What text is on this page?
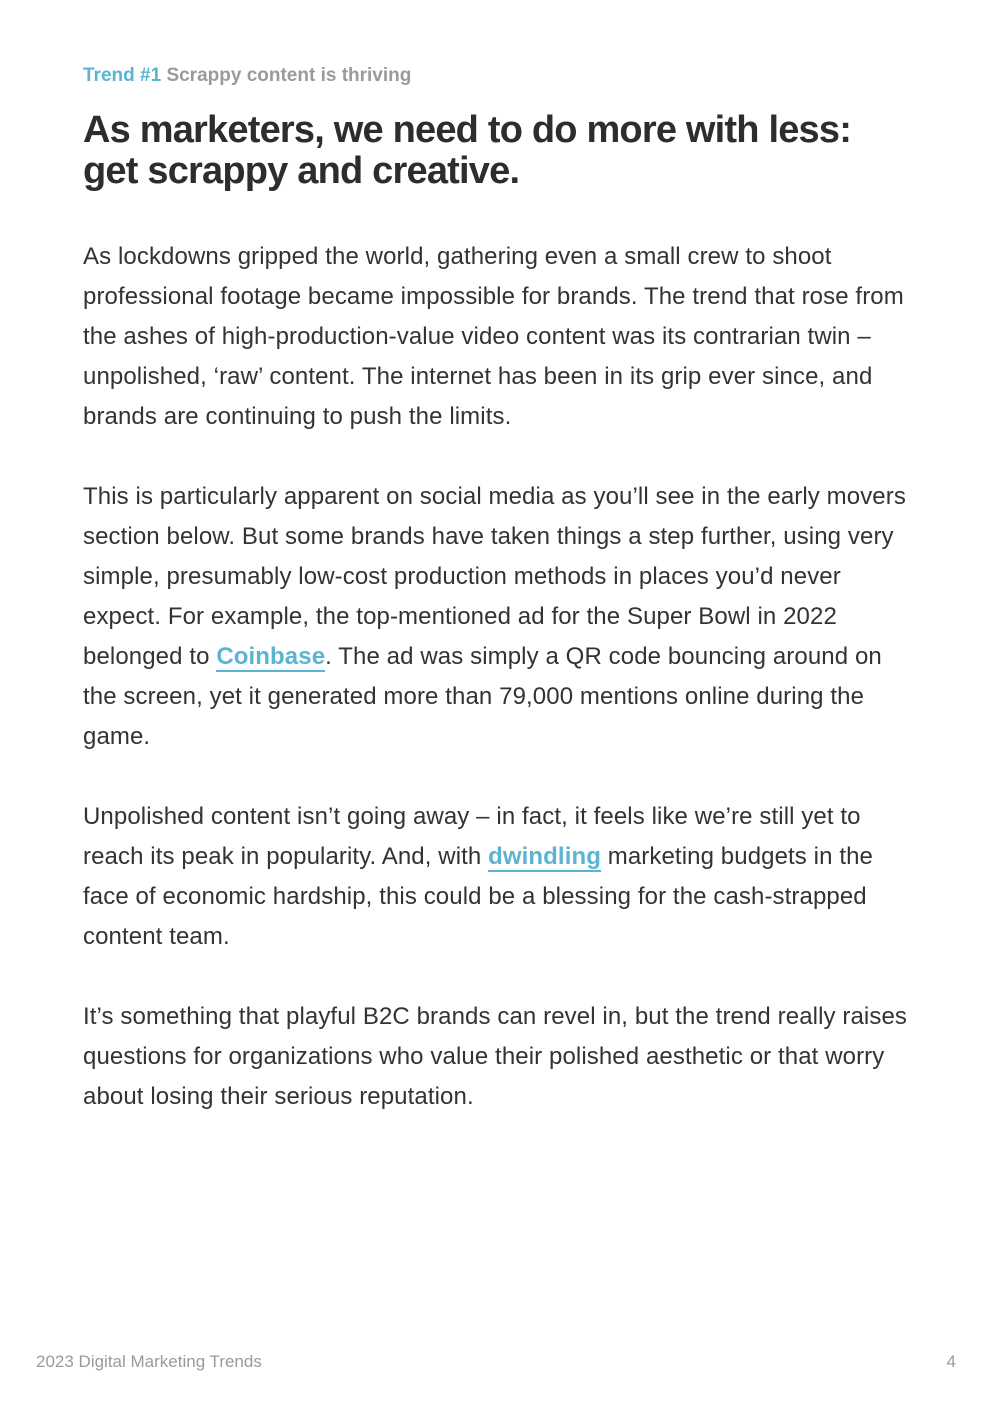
Trend #1 Scrappy content is thriving
As marketers, we need to do more with less:
get scrappy and creative.

As lockdowns gripped the world, gathering even a small crew to shoot professional footage became impossible for brands. The trend that rose from the ashes of high-production-value video content was its contrarian twin – unpolished, ‘raw’ content. The internet has been in its grip ever since, and brands are continuing to push the limits.

This is particularly apparent on social media as you’ll see in the early movers section below. But some brands have taken things a step further, using very simple, presumably low-cost production methods in places you’d never expect. For example, the top-mentioned ad for the Super Bowl in 2022 belonged to Coinbase. The ad was simply a QR code bouncing around on the screen, yet it generated more than 79,000 mentions online during the game.

Unpolished content isn’t going away – in fact, it feels like we’re still yet to reach its peak in popularity. And, with dwindling marketing budgets in the face of economic hardship, this could be a blessing for the cash-strapped content team.

It’s something that playful B2C brands can revel in, but the trend really raises questions for organizations who value their polished aesthetic or that worry about losing their serious reputation.

2023 Digital Marketing Trends	4
